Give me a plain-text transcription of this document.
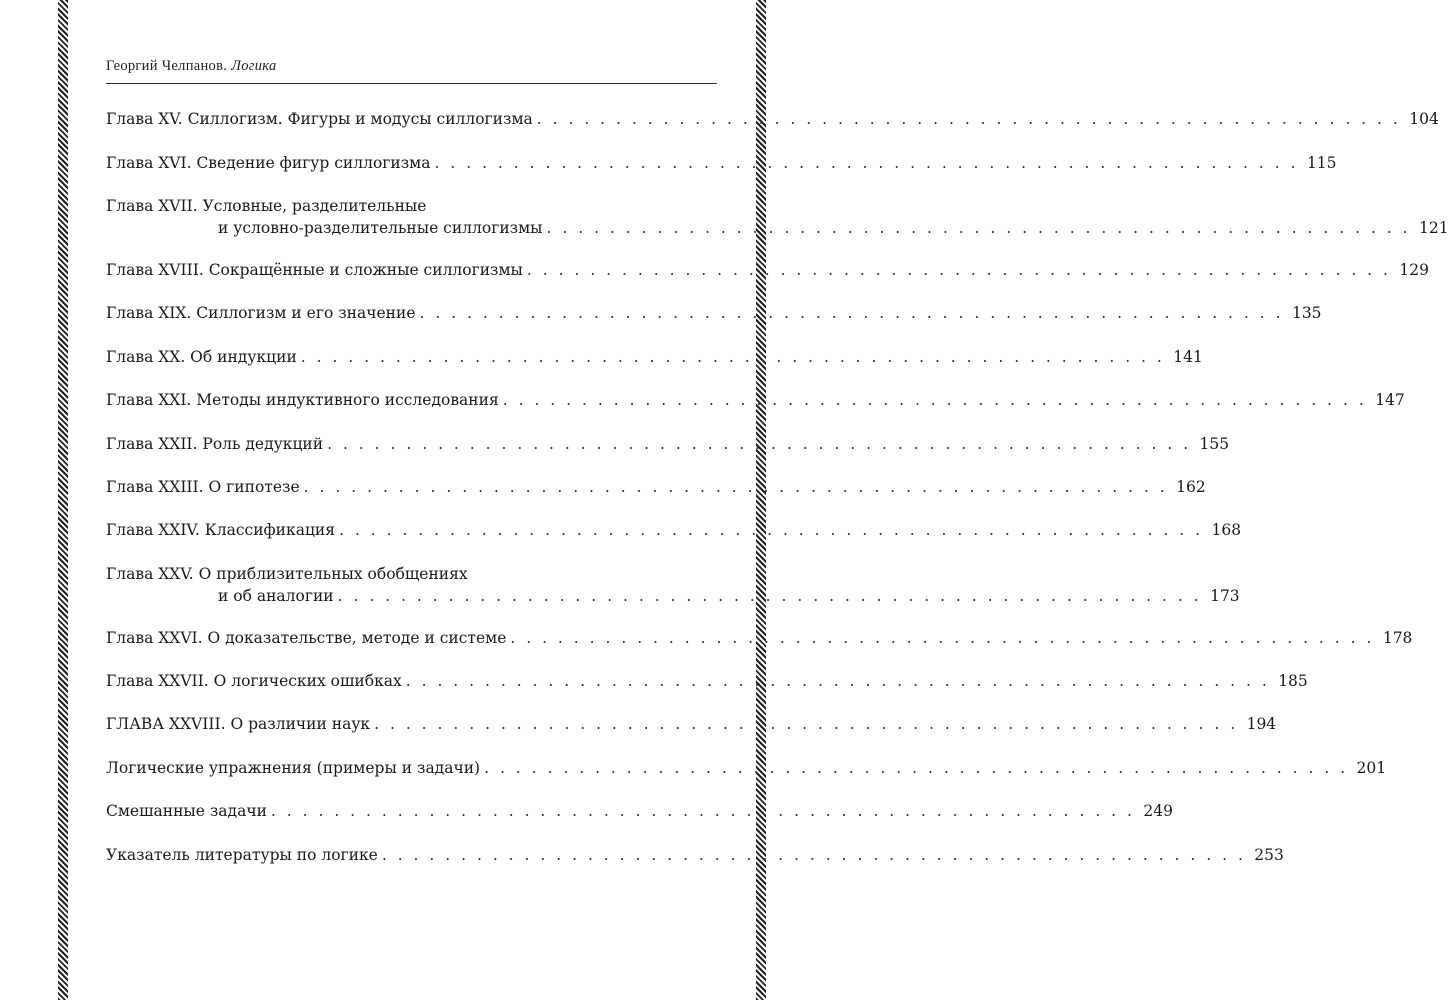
Георгий Челпанов. Логика
Глава XV. Силлогизм. Фигуры и модусы силлогизма . . . . . . . . . . . . . . . . . . . . . . . . . . . . . . . . . . . . . . . . . . . . . . . . . . . . . . . 104
Глава XVI. Сведение фигур силлогизма . . . . . . . . . . . . . . . . . . . . . . . . . . . . . . . . . . . . . . . . . . . . . . . . . . . . . . . 115
Глава XVII. Условные, разделительные
и условно-разделительные силлогизмы . . . . . . . . . . . . . . . . . . . . . . . . . . . . . . . . . . . . . . . . . . . . . . . . . . . . . . . 121
Глава XVIII. Сокращённые и сложные силлогизмы . . . . . . . . . . . . . . . . . . . . . . . . . . . . . . . . . . . . . . . . . . . . . . . . . . . . . . . 129
Глава XIX. Силлогизм и его значение . . . . . . . . . . . . . . . . . . . . . . . . . . . . . . . . . . . . . . . . . . . . . . . . . . . . . . . 135
Глава XX. Об индукции . . . . . . . . . . . . . . . . . . . . . . . . . . . . . . . . . . . . . . . . . . . . . . . . . . . . . . . 141
Глава XXI. Методы индуктивного исследования . . . . . . . . . . . . . . . . . . . . . . . . . . . . . . . . . . . . . . . . . . . . . . . . . . . . . . . 147
Глава XXII. Роль дедукций . . . . . . . . . . . . . . . . . . . . . . . . . . . . . . . . . . . . . . . . . . . . . . . . . . . . . . . 155
Глава XXIII. О гипотезе . . . . . . . . . . . . . . . . . . . . . . . . . . . . . . . . . . . . . . . . . . . . . . . . . . . . . . . 162
Глава XXIV. Классификация . . . . . . . . . . . . . . . . . . . . . . . . . . . . . . . . . . . . . . . . . . . . . . . . . . . . . . . 168
Глава XXV. О приблизительных обобщениях
и об аналогии . . . . . . . . . . . . . . . . . . . . . . . . . . . . . . . . . . . . . . . . . . . . . . . . . . . . . . . 173
Глава XXVI. О доказательстве, методе и системе . . . . . . . . . . . . . . . . . . . . . . . . . . . . . . . . . . . . . . . . . . . . . . . . . . . . . . . 178
Глава XXVII. О логических ошибках . . . . . . . . . . . . . . . . . . . . . . . . . . . . . . . . . . . . . . . . . . . . . . . . . . . . . . . 185
ГЛАВА XXVIII. О различии наук . . . . . . . . . . . . . . . . . . . . . . . . . . . . . . . . . . . . . . . . . . . . . . . . . . . . . . . 194
Логические упражнения (примеры и задачи) . . . . . . . . . . . . . . . . . . . . . . . . . . . . . . . . . . . . . . . . . . . . . . . . . . . . . . . 201
Смешанные задачи . . . . . . . . . . . . . . . . . . . . . . . . . . . . . . . . . . . . . . . . . . . . . . . . . . . . . . . 249
Указатель литературы по логике . . . . . . . . . . . . . . . . . . . . . . . . . . . . . . . . . . . . . . . . . . . . . . . . . . . . . . . 253
